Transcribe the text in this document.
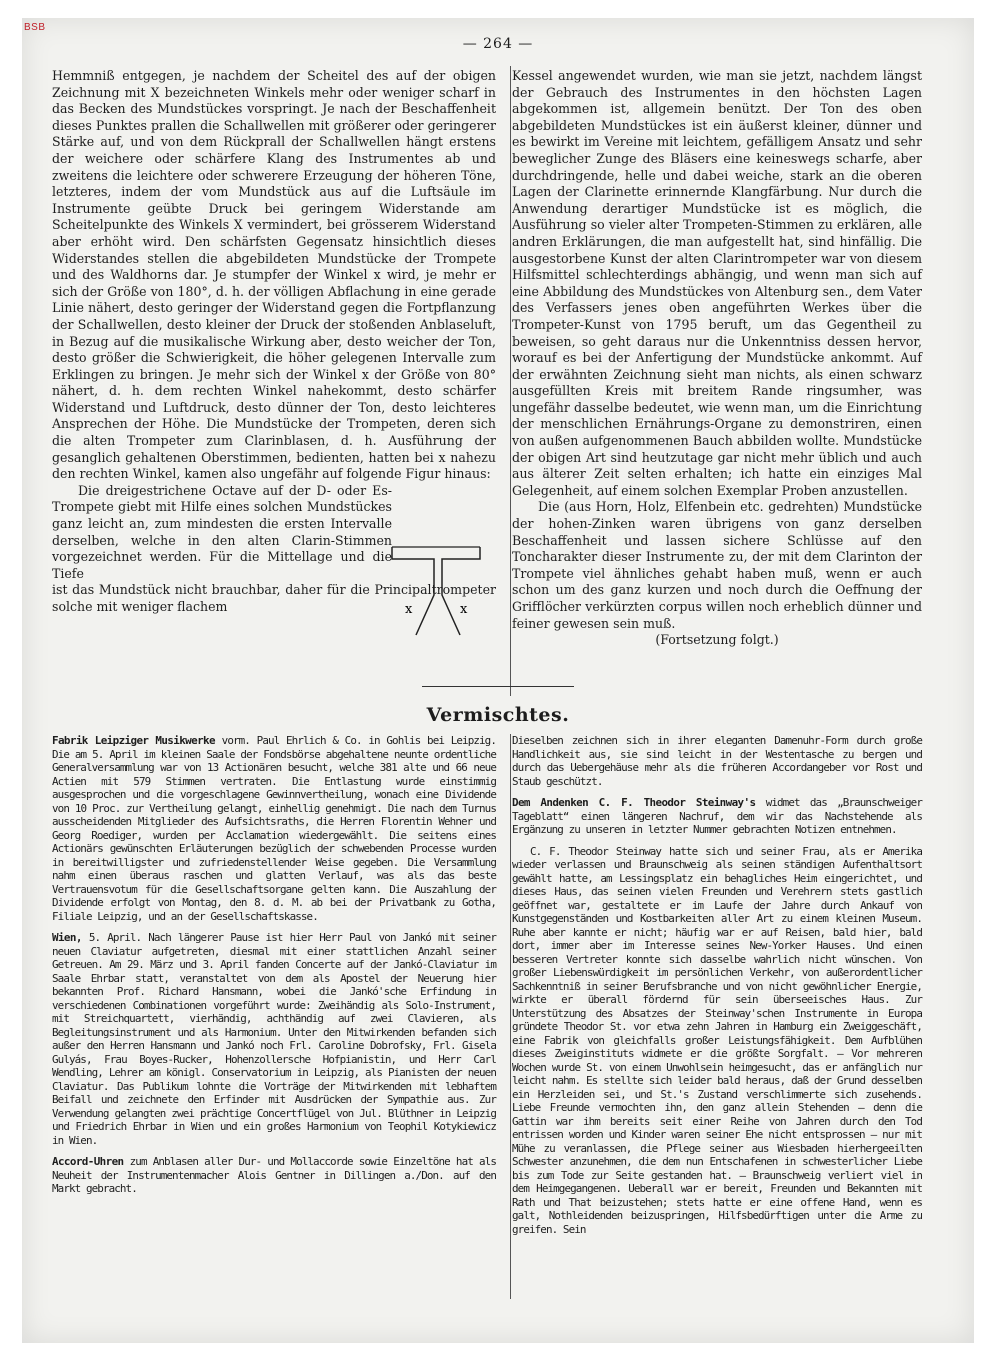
BSB
— 264 —

Hemmniß entgegen, je nachdem der Scheitel des auf der obigen Zeichnung mit X bezeichneten Winkels mehr oder weniger scharf in das Becken des Mundstückes vorspringt. Je nach der Beschaffenheit dieses Punktes prallen die Schallwellen mit größerer oder geringerer Stärke auf, und von dem Rückprall der Schallwellen hängt erstens der weichere oder schärfere Klang des Instrumentes ab und zweitens die leichtere oder schwerere Erzeugung der höheren Töne, letzteres, indem der vom Mundstück aus auf die Luftsäule im Instrumente geübte Druck bei geringem Widerstande am Scheitelpunkte des Winkels X vermindert, bei grösserem Widerstand aber erhöht wird. Den schärfsten Gegensatz hinsichtlich dieses Widerstandes stellen die abgebildeten Mundstücke der Trompete und des Waldhorns dar. Je stumpfer der Winkel x wird, je mehr er sich der Größe von 180°, d. h. der völligen Abflachung in eine gerade Linie nähert, desto geringer der Widerstand gegen die Fortpflanzung der Schallwellen, desto kleiner der Druck der stoßenden Anblaseluft, in Bezug auf die musikalische Wirkung aber, desto weicher der Ton, desto größer die Schwierigkeit, die höher gelegenen Intervalle zum Erklingen zu bringen. Je mehr sich der Winkel x der Größe von 80° nähert, d. h. dem rechten Winkel nahekommt, desto schärfer Widerstand und Luftdruck, desto dünner der Ton, desto leichteres Ansprechen der Höhe. Die Mundstücke der Trompeten, deren sich die alten Trompeter zum Clarinblasen, d. h. Ausführung der gesanglich gehaltenen Oberstimmen, bedienten, hatten bei x nahezu den rechten Winkel, kamen also ungefähr auf folgende Figur hinaus:

Die dreigestrichene Octave auf der D- oder Es-Trompete giebt mit Hilfe eines solchen Mundstückes ganz leicht an, zum mindesten die ersten Intervalle derselben, welche in den alten Clarin-Stimmen vorgezeichnet werden. Für die Mittellage und die Tiefe

ist das Mundstück nicht brauchbar, daher für die Principaltrompeter solche mit weniger flachem	x	x

Kessel angewendet wurden, wie man sie jetzt, nachdem längst der Gebrauch des Instrumentes in den höchsten Lagen abgekommen ist, allgemein benützt. Der Ton des oben abgebildeten Mundstückes ist ein äußerst kleiner, dünner und es bewirkt im Vereine mit leichtem, gefälligem Ansatz und sehr beweglicher Zunge des Bläsers eine keineswegs scharfe, aber durchdringende, helle und dabei weiche, stark an die oberen Lagen der Clarinette erinnernde Klangfärbung. Nur durch die Anwendung derartiger Mundstücke ist es möglich, die Ausführung so vieler alter Trompeten-Stimmen zu erklären, alle andren Erklärungen, die man aufgestellt hat, sind hinfällig. Die ausgestorbene Kunst der alten Clarintrompeter war von diesem Hilfsmittel schlechterdings abhängig, und wenn man sich auf eine Abbildung des Mundstückes von Altenburg sen., dem Vater des Verfassers jenes oben angeführten Werkes über die Trompeter-Kunst von 1795 beruft, um das Gegentheil zu beweisen, so geht daraus nur die Unkenntniss dessen hervor, worauf es bei der Anfertigung der Mundstücke ankommt. Auf der erwähnten Zeichnung sieht man nichts, als einen schwarz ausgefüllten Kreis mit breitem Rande ringsumher, was ungefähr dasselbe bedeutet, wie wenn man, um die Einrichtung der menschlichen Ernährungs-Organe zu demonstriren, einen von außen aufgenommenen Bauch abbilden wollte. Mundstücke der obigen Art sind heutzutage gar nicht mehr üblich und auch aus älterer Zeit selten erhalten; ich hatte ein einziges Mal Gelegenheit, auf einem solchen Exemplar Proben anzustellen.

Die (aus Horn, Holz, Elfenbein etc. gedrehten) Mundstücke der hohen-Zinken waren übrigens von ganz derselben Beschaffenheit und lassen sichere Schlüsse auf den Toncharakter dieser Instrumente zu, der mit dem Clarinton der Trompete viel ähnliches gehabt haben muß, wenn er auch schon um des ganz kurzen und noch durch die Oeffnung der Grifflöcher verkürzten corpus willen noch erheblich dünner und feiner gewesen sein muß.

(Fortsetzung folgt.)

Vermischtes.

Fabrik Leipziger Musikwerke vorm. Paul Ehrlich & Co. in Gohlis bei Leipzig. Die am 5. April im kleinen Saale der Fondsbörse abgehaltene neunte ordentliche Generalversammlung war von 13 Actionären besucht, welche 381 alte und 66 neue Actien mit 579 Stimmen vertraten. Die Entlastung wurde einstimmig ausgesprochen und die vorgeschlagene Gewinnvertheilung, wonach eine Dividende von 10 Proc. zur Vertheilung gelangt, einhellig genehmigt. Die nach dem Turnus ausscheidenden Mitglieder des Aufsichtsraths, die Herren Florentin Wehner und Georg Roediger, wurden per Acclamation wiedergewählt. Die seitens eines Actionärs gewünschten Erläuterungen bezüglich der schwebenden Processe wurden in bereitwilligster und zufriedenstellender Weise gegeben. Die Versammlung nahm einen überaus raschen und glatten Verlauf, was als das beste Vertrauensvotum für die Gesellschaftsorgane gelten kann. Die Auszahlung der Dividende erfolgt von Montag, den 8. d. M. ab bei der Privatbank zu Gotha, Filiale Leipzig, und an der Gesellschaftskasse.

Wien, 5. April. Nach längerer Pause ist hier Herr Paul von Jankó mit seiner neuen Claviatur aufgetreten, diesmal mit einer stattlichen Anzahl seiner Getreuen. Am 29. März und 3. April fanden Concerte auf der Jankó-Claviatur im Saale Ehrbar statt, veranstaltet von dem als Apostel der Neuerung hier bekannten Prof. Richard Hansmann, wobei die Jankó'sche Erfindung in verschiedenen Combinationen vorgeführt wurde: Zweihändig als Solo-Instrument, mit Streichquartett, vierhändig, achthändig auf zwei Clavieren, als Begleitungsinstrument und als Harmonium. Unter den Mitwirkenden befanden sich außer den Herren Hansmann und Jankó noch Frl. Caroline Dobrofsky, Frl. Gisela Gulyás, Frau Boyes-Rucker, Hohenzollersche Hofpianistin, und Herr Carl Wendling, Lehrer am königl. Conservatorium in Leipzig, als Pianisten der neuen Claviatur. Das Publikum lohnte die Vorträge der Mitwirkenden mit lebhaftem Beifall und zeichnete den Erfinder mit Ausdrücken der Sympathie aus. Zur Verwendung gelangten zwei prächtige Concertflügel von Jul. Blüthner in Leipzig und Friedrich Ehrbar in Wien und ein großes Harmonium von Teophil Kotykiewicz in Wien.

Accord-Uhren zum Anblasen aller Dur- und Mollaccorde sowie Einzeltöne hat als Neuheit der Instrumentenmacher Alois Gentner in Dillingen a./Don. auf den Markt gebracht.

Dieselben zeichnen sich in ihrer eleganten Damenuhr-Form durch große Handlichkeit aus, sie sind leicht in der Westentasche zu bergen und durch das Uebergehäuse mehr als die früheren Accordangeber vor Rost und Staub geschützt.

Dem Andenken C. F. Theodor Steinway's widmet das „Braunschweiger Tageblatt“ einen längeren Nachruf, dem wir das Nachstehende als Ergänzung zu unseren in letzter Nummer gebrachten Notizen entnehmen.

C. F. Theodor Steinway hatte sich und seiner Frau, als er Amerika wieder verlassen und Braunschweig als seinen ständigen Aufenthaltsort gewählt hatte, am Lessingsplatz ein behagliches Heim eingerichtet, und dieses Haus, das seinen vielen Freunden und Verehrern stets gastlich geöffnet war, gestaltete er im Laufe der Jahre durch Ankauf von Kunstgegenständen und Kostbarkeiten aller Art zu einem kleinen Museum. Ruhe aber kannte er nicht; häufig war er auf Reisen, bald hier, bald dort, immer aber im Interesse seines New-Yorker Hauses. Und einen besseren Vertreter konnte sich dasselbe wahrlich nicht wünschen. Von großer Liebenswürdigkeit im persönlichen Verkehr, von außerordentlicher Sachkenntniß in seiner Berufsbranche und von nicht gewöhnlicher Energie, wirkte er überall fördernd für sein überseeisches Haus. Zur Unterstützung des Absatzes der Steinway'schen Instrumente in Europa gründete Theodor St. vor etwa zehn Jahren in Hamburg ein Zweiggeschäft, eine Fabrik von gleichfalls großer Leistungsfähigkeit. Dem Aufblühen dieses Zweiginstituts widmete er die größte Sorgfalt. — Vor mehreren Wochen wurde St. von einem Unwohlsein heimgesucht, das er anfänglich nur leicht nahm. Es stellte sich leider bald heraus, daß der Grund desselben ein Herzleiden sei, und St.'s Zustand verschlimmerte sich zusehends. Liebe Freunde vermochten ihn, den ganz allein Stehenden — denn die Gattin war ihm bereits seit einer Reihe von Jahren durch den Tod entrissen worden und Kinder waren seiner Ehe nicht entsprossen — nur mit Mühe zu veranlassen, die Pflege seiner aus Wiesbaden hierhergeeilten Schwester anzunehmen, die dem nun Entschafenen in schwesterlicher Liebe bis zum Tode zur Seite gestanden hat. — Braunschweig verliert viel in dem Heimgegangenen. Ueberall war er bereit, Freunden und Bekannten mit Rath und That beizustehen; stets hatte er eine offene Hand, wenn es galt, Nothleidenden beizuspringen, Hilfsbedürftigen unter die Arme zu greifen. Sein
